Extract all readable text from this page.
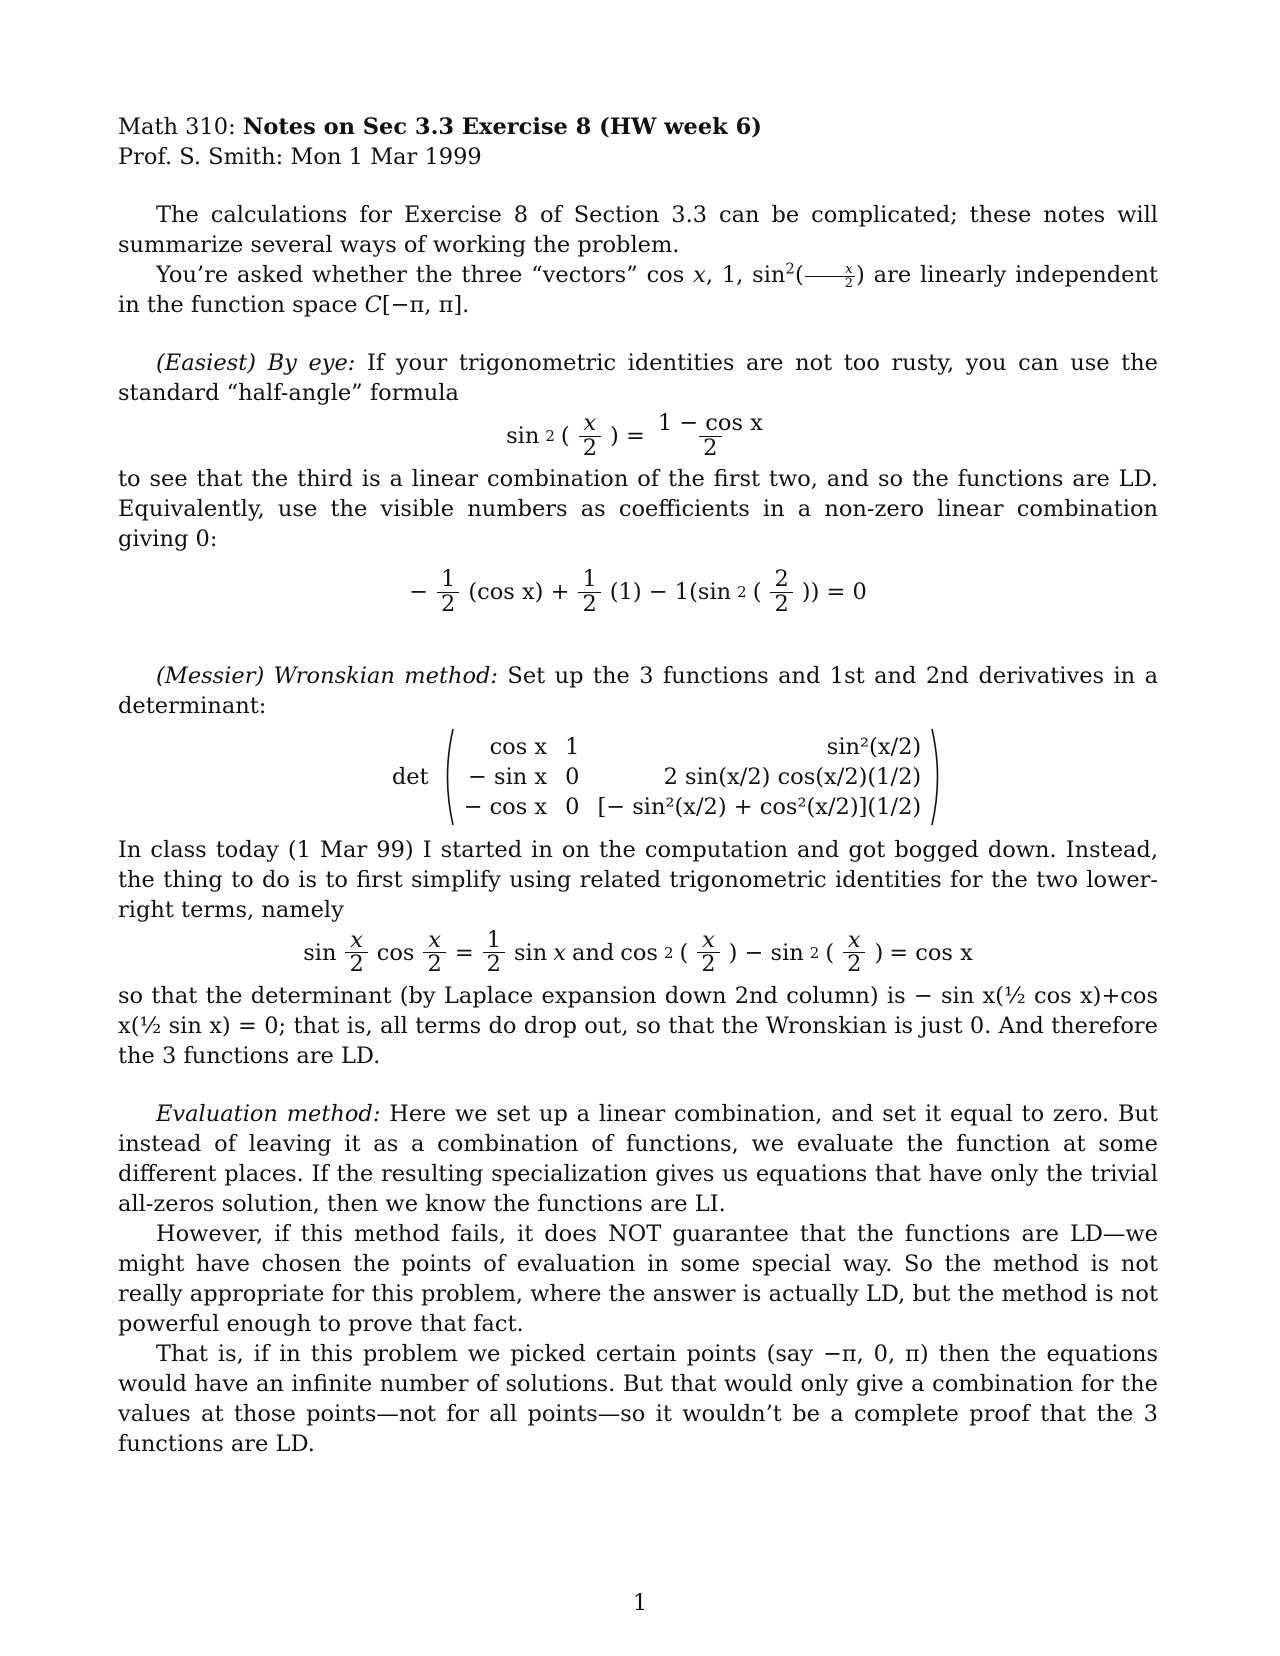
Math 310: Notes on Sec 3.3 Exercise 8 (HW week 6)

Prof. S. Smith: Mon 1 Mar 1999

The calculations for Exercise 8 of Section 3.3 can be complicated; these notes will summarize several ways of working the problem.

You’re asked whether the three “vectors” cos x, 1, $\sin^2( \frac{x}{2}$ ) are linearly independent in the function space C[−π, π].

(Easiest) By eye: If your trigonometric identities are not too rusty, you can use the standard “half-angle” formula

sin 2 ( $\frac{x}{2}$ ) = $\frac{\text{1 − cos x}}{2}$

to see that the third is a linear combination of the first two, and so the functions are LD. Equivalently, use the visible numbers as coefficients in a non-zero linear combination giving 0:

− $\frac{1}{2} (\cos$ $x) + \frac{1}{2} (1) - 1(\sin$ 2 ( $\frac{2}{2}$ )) = 0

(Messier) Wronskian method: Set up the 3 functions and 1st and 2nd derivatives in a determinant:

det
cos x	1	sin²(x/2)
− sin x	0	2 sin(x/2) cos(x/2)(1/2)
− cos x	0	[− sin²(x/2) + cos²(x/2)](1/2)

In class today (1 Mar 99) I started in on the computation and got bogged down. Instead, the thing to do is to first simplify using related trigonometric identities for the two lower-right terms, namely

$\sin \frac{x}{2}$ $\cos \frac{x}{2} = \frac{1}{2}$ sin x and cos 2 ( $\frac{x}{2}$ ) − sin 2 ( $\frac{x}{2}$ ) = cos x

so that the determinant (by Laplace expansion down 2nd column) is − sin x(½ cos x)+cos x(½ sin x) = 0; that is, all terms do drop out, so that the Wronskian is just 0. And therefore the 3 functions are LD.

Evaluation method: Here we set up a linear combination, and set it equal to zero. But instead of leaving it as a combination of functions, we evaluate the function at some different places. If the resulting specialization gives us equations that have only the trivial all-zeros solution, then we know the functions are LI.

However, if this method fails, it does NOT guarantee that the functions are LD—we might have chosen the points of evaluation in some special way. So the method is not really appropriate for this problem, where the answer is actually LD, but the method is not powerful enough to prove that fact.

That is, if in this problem we picked certain points (say −π, 0, π) then the equations would have an infinite number of solutions. But that would only give a combination for the values at those points—not for all points—so it wouldn’t be a complete proof that the 3 functions are LD.

1
